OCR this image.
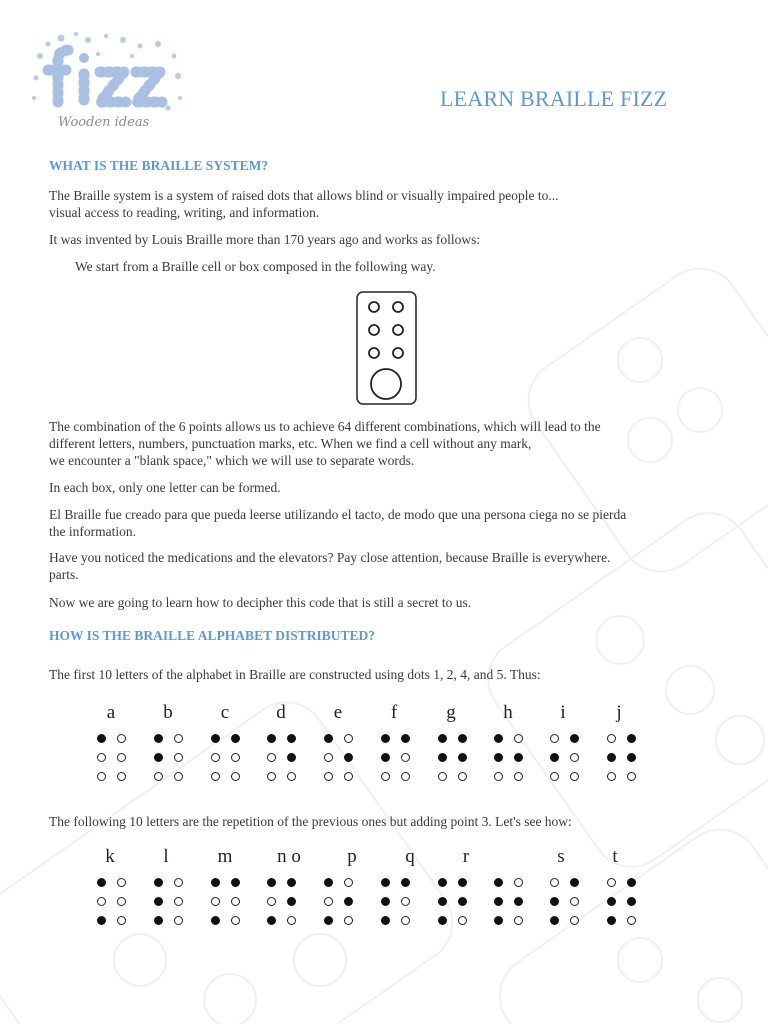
Wooden ideas
LEARN BRAILLE FIZZ
WHAT IS THE BRAILLE SYSTEM?
The Braille system is a system of raised dots that allows blind or visually impaired people to...
visual access to reading, writing, and information.
It was invented by Louis Braille more than 170 years ago and works as follows:
We start from a Braille cell or box composed in the following way.
The combination of the 6 points allows us to achieve 64 different combinations, which will lead to the
different letters, numbers, punctuation marks, etc. When we find a cell without any mark,
we encounter a "blank space," which we will use to separate words.
In each box, only one letter can be formed.
El Braille fue creado para que pueda leerse utilizando el tacto, de modo que una persona ciega no se pierda
the information.
Have you noticed the medications and the elevators? Pay close attention, because Braille is everywhere.
parts.
Now we are going to learn how to decipher this code that is still a secret to us.
HOW IS THE BRAILLE ALPHABET DISTRIBUTED?
The first 10 letters of the alphabet in Braille are constructed using dots 1, 2, 4, and 5. Thus:
a	b	c	d	e	f	g	h	i	j
The following 10 letters are the repetition of the previous ones but adding point 3. Let's see how:
k	l	m	n o	p	q	r	s	t
